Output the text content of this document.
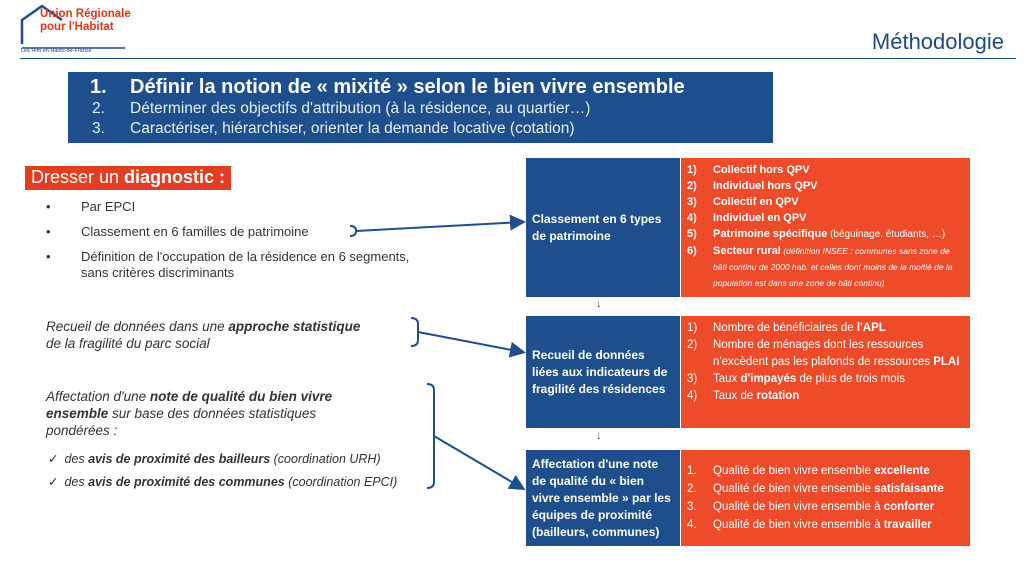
Union Régionale
pour l'Habitat
Les Hlm en Hauts-de-France	Méthodologie
1. Définir la notion de « mixité » selon le bien vivre ensemble
2. Déterminer des objectifs d'attribution (à la résidence, au quartier…)
3. Caractériser, hiérarchiser, orienter la demande locative (cotation)
Dresser un diagnostic :
• Par EPCI
• Classement en 6 familles de patrimoine
• Définition de l'occupation de la résidence en 6 segments, sans critères discriminants
Recueil de données dans une approche statistique
de la fragilité du parc social
Affectation d'une note de qualité du bien vivre
ensemble sur base des données statistiques
pondérées :
✓ des avis de proximité des bailleurs (coordination URH)
✓ des avis de proximité des communes (coordination EPCI)
Classement en 6 types de patrimoine
1) Collectif hors QPV
2) Individuel hors QPV
3) Collectif en QPV
4) Individuel en QPV
5) Patrimoine spécifique (béguinage, étudiants, …)
6) Secteur rural (définition INSEE : communes sans zone de bâti continu de 2000 hab. et celles dont moins de la moitié de la population est dans une zone de bâti continu)
↓
Recueil de données liées aux indicateurs de fragilité des résidences
1) Nombre de bénéficiaires de l'APL
2) Nombre de ménages dont les ressources n'excèdent pas les plafonds de ressources PLAI
3) Taux d'impayés de plus de trois mois
4) Taux de rotation
↓
Affectation d'une note de qualité du « bien vivre ensemble » par les équipes de proximité (bailleurs, communes)
1. Qualité de bien vivre ensemble excellente
2. Qualité de bien vivre ensemble satisfaisante
3. Qualité de bien vivre ensemble à conforter
4. Qualité de bien vivre ensemble à travailler
